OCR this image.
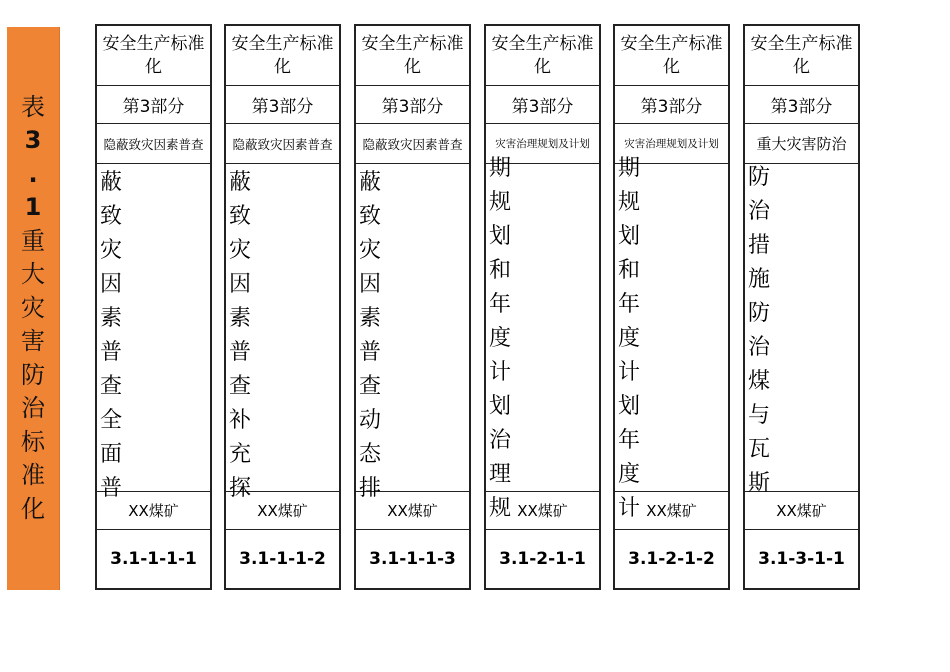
表
3
.
1
重
大
灾
害
防
治
标
准
化
安全生产标准化
第3部分
隐蔽致灾因素普查
蔽致灾因素普查全面普
XX煤矿
3.1-1-1-1
安全生产标准化
第3部分
隐蔽致灾因素普查
蔽致灾因素普查补充探
XX煤矿
3.1-1-1-2
安全生产标准化
第3部分
隐蔽致灾因素普查
蔽致灾因素普查动态排
XX煤矿
3.1-1-1-3
安全生产标准化
第3部分
灾害治理规划及计划
期规划和年度计划治理规 XX煤矿
3.1-2-1-1
安全生产标准化
第3部分
灾害治理规划及计划
期规划和年度计划年度计 XX煤矿
3.1-2-1-2
安全生产标准化
第3部分
重大灾害防治
防治措施防治煤与瓦斯
XX煤矿
3.1-3-1-1
